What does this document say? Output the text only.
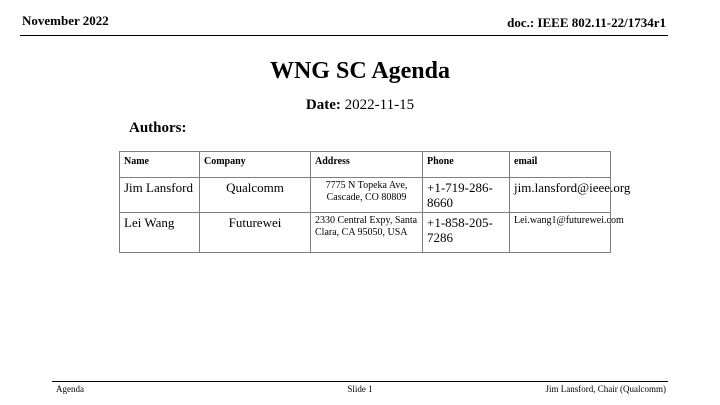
November 2022	doc.: IEEE 802.11-22/1734r1
WNG SC Agenda
Date: 2022-11-15
Authors:
Name	Company	Address	Phone	email
Jim Lansford	Qualcomm	7775 N Topeka Ave, Cascade, CO 80809	+1-719-286-8660	jim.lansford@ieee.org
Lei Wang	Futurewei	2330 Central Expy, Santa Clara, CA 95050, USA	+1-858-205-7286	Lei.wang1@futurewei.com
Agenda	Slide 1	Jim Lansford, Chair (Qualcomm)
